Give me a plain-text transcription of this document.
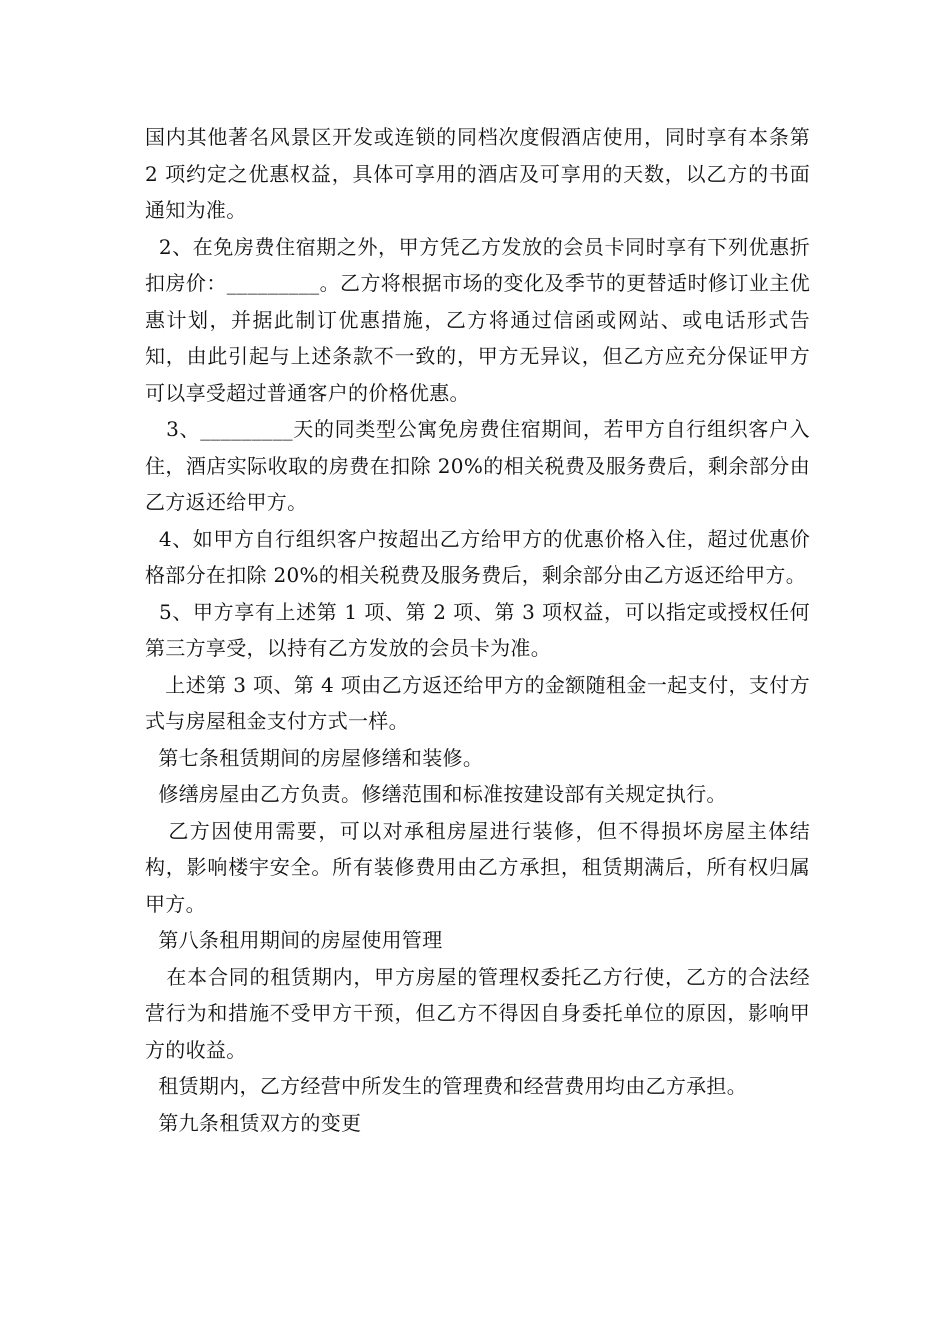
国内其他著名风景区开发或连锁的同档次度假酒店使用，同时享有本条第 2 项约定之优惠权益，具体可享用的酒店及可享用的天数，以乙方的书面通知为准。

2、在免房费住宿期之外，甲方凭乙方发放的会员卡同时享有下列优惠折扣房价：_________。乙方将根据市场的变化及季节的更替适时修订业主优惠计划，并据此制订优惠措施，乙方将通过信函或网站、或电话形式告知，由此引起与上述条款不一致的，甲方无异议，但乙方应充分保证甲方可以享受超过普通客户的价格优惠。

3、_________天的同类型公寓免房费住宿期间，若甲方自行组织客户入住，酒店实际收取的房费在扣除 20%的相关税费及服务费后，剩余部分由乙方返还给甲方。

4、如甲方自行组织客户按超出乙方给甲方的优惠价格入住，超过优惠价格部分在扣除 20%的相关税费及服务费后，剩余部分由乙方返还给甲方。

5、甲方享有上述第 1 项、第 2 项、第 3 项权益，可以指定或授权任何第三方享受，以持有乙方发放的会员卡为准。

上述第 3 项、第 4 项由乙方返还给甲方的金额随租金一起支付，支付方式与房屋租金支付方式一样。

第七条租赁期间的房屋修缮和装修。

修缮房屋由乙方负责。修缮范围和标准按建设部有关规定执行。

乙方因使用需要，可以对承租房屋进行装修，但不得损坏房屋主体结构，影响楼宇安全。所有装修费用由乙方承担，租赁期满后，所有权归属甲方。

第八条租用期间的房屋使用管理

在本合同的租赁期内，甲方房屋的管理权委托乙方行使，乙方的合法经营行为和措施不受甲方干预，但乙方不得因自身委托单位的原因，影响甲方的收益。

租赁期内，乙方经营中所发生的管理费和经营费用均由乙方承担。

第九条租赁双方的变更
